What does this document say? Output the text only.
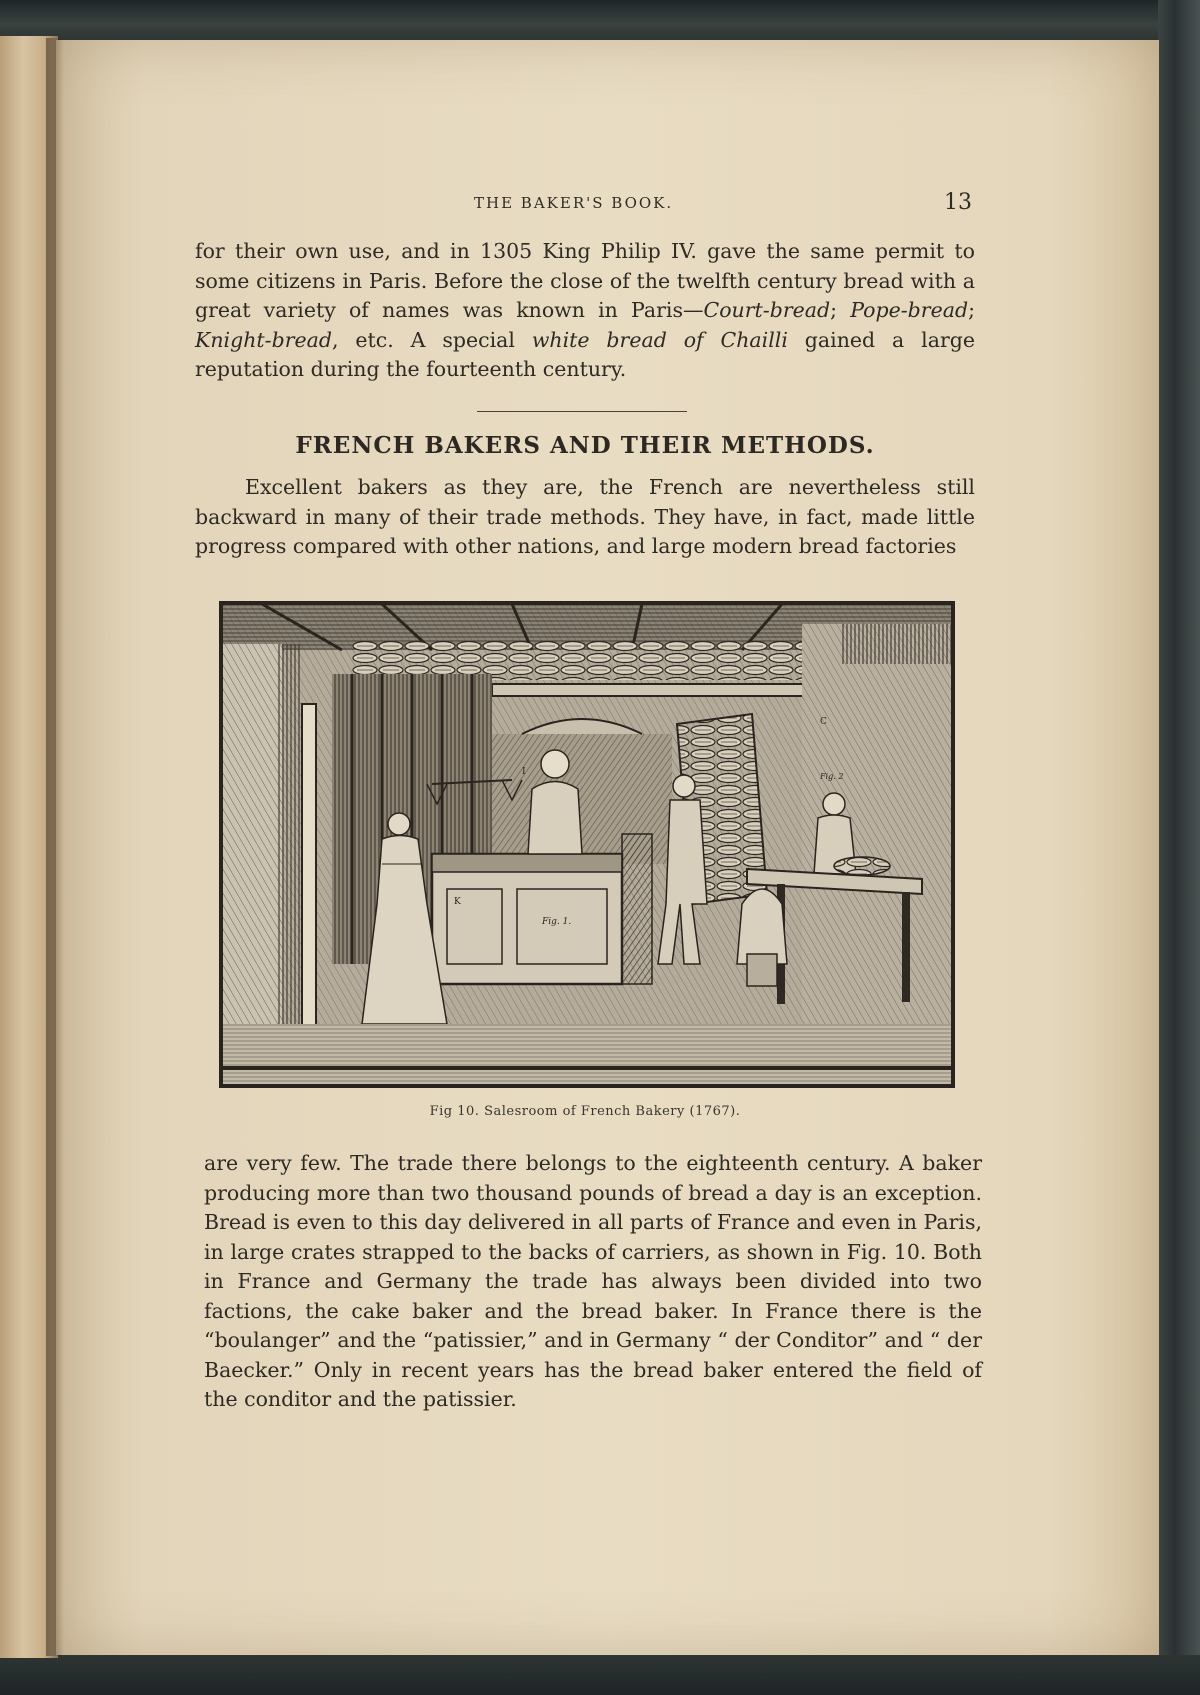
THE BAKER'S BOOK.	13

for their own use, and in 1305 King Philip IV. gave the same permit to some citizens in Paris. Before the close of the twelfth century bread with a great variety of names was known in Paris—Court-bread; Pope-bread; Knight-bread, etc. A special white bread of Chailli gained a large reputation during the fourteenth century.

FRENCH BAKERS AND THEIR METHODS.

Excellent bakers as they are, the French are nevertheless still backward in many of their trade methods. They have, in fact, made little progress compared with other nations, and large modern bread factories

K
Fig. 1.
C
Fig. 2
I
Fig 10. Salesroom of French Bakery (1767).

are very few. The trade there belongs to the eighteenth century. A baker producing more than two thousand pounds of bread a day is an exception. Bread is even to this day delivered in all parts of France and even in Paris, in large crates strapped to the backs of carriers, as shown in Fig. 10. Both in France and Germany the trade has always been divided into two factions, the cake baker and the bread baker. In France there is the “boulanger” and the “patissier,” and in Germany “ der Conditor” and “ der Baecker.” Only in recent years has the bread baker entered the field of the conditor and the patissier.
